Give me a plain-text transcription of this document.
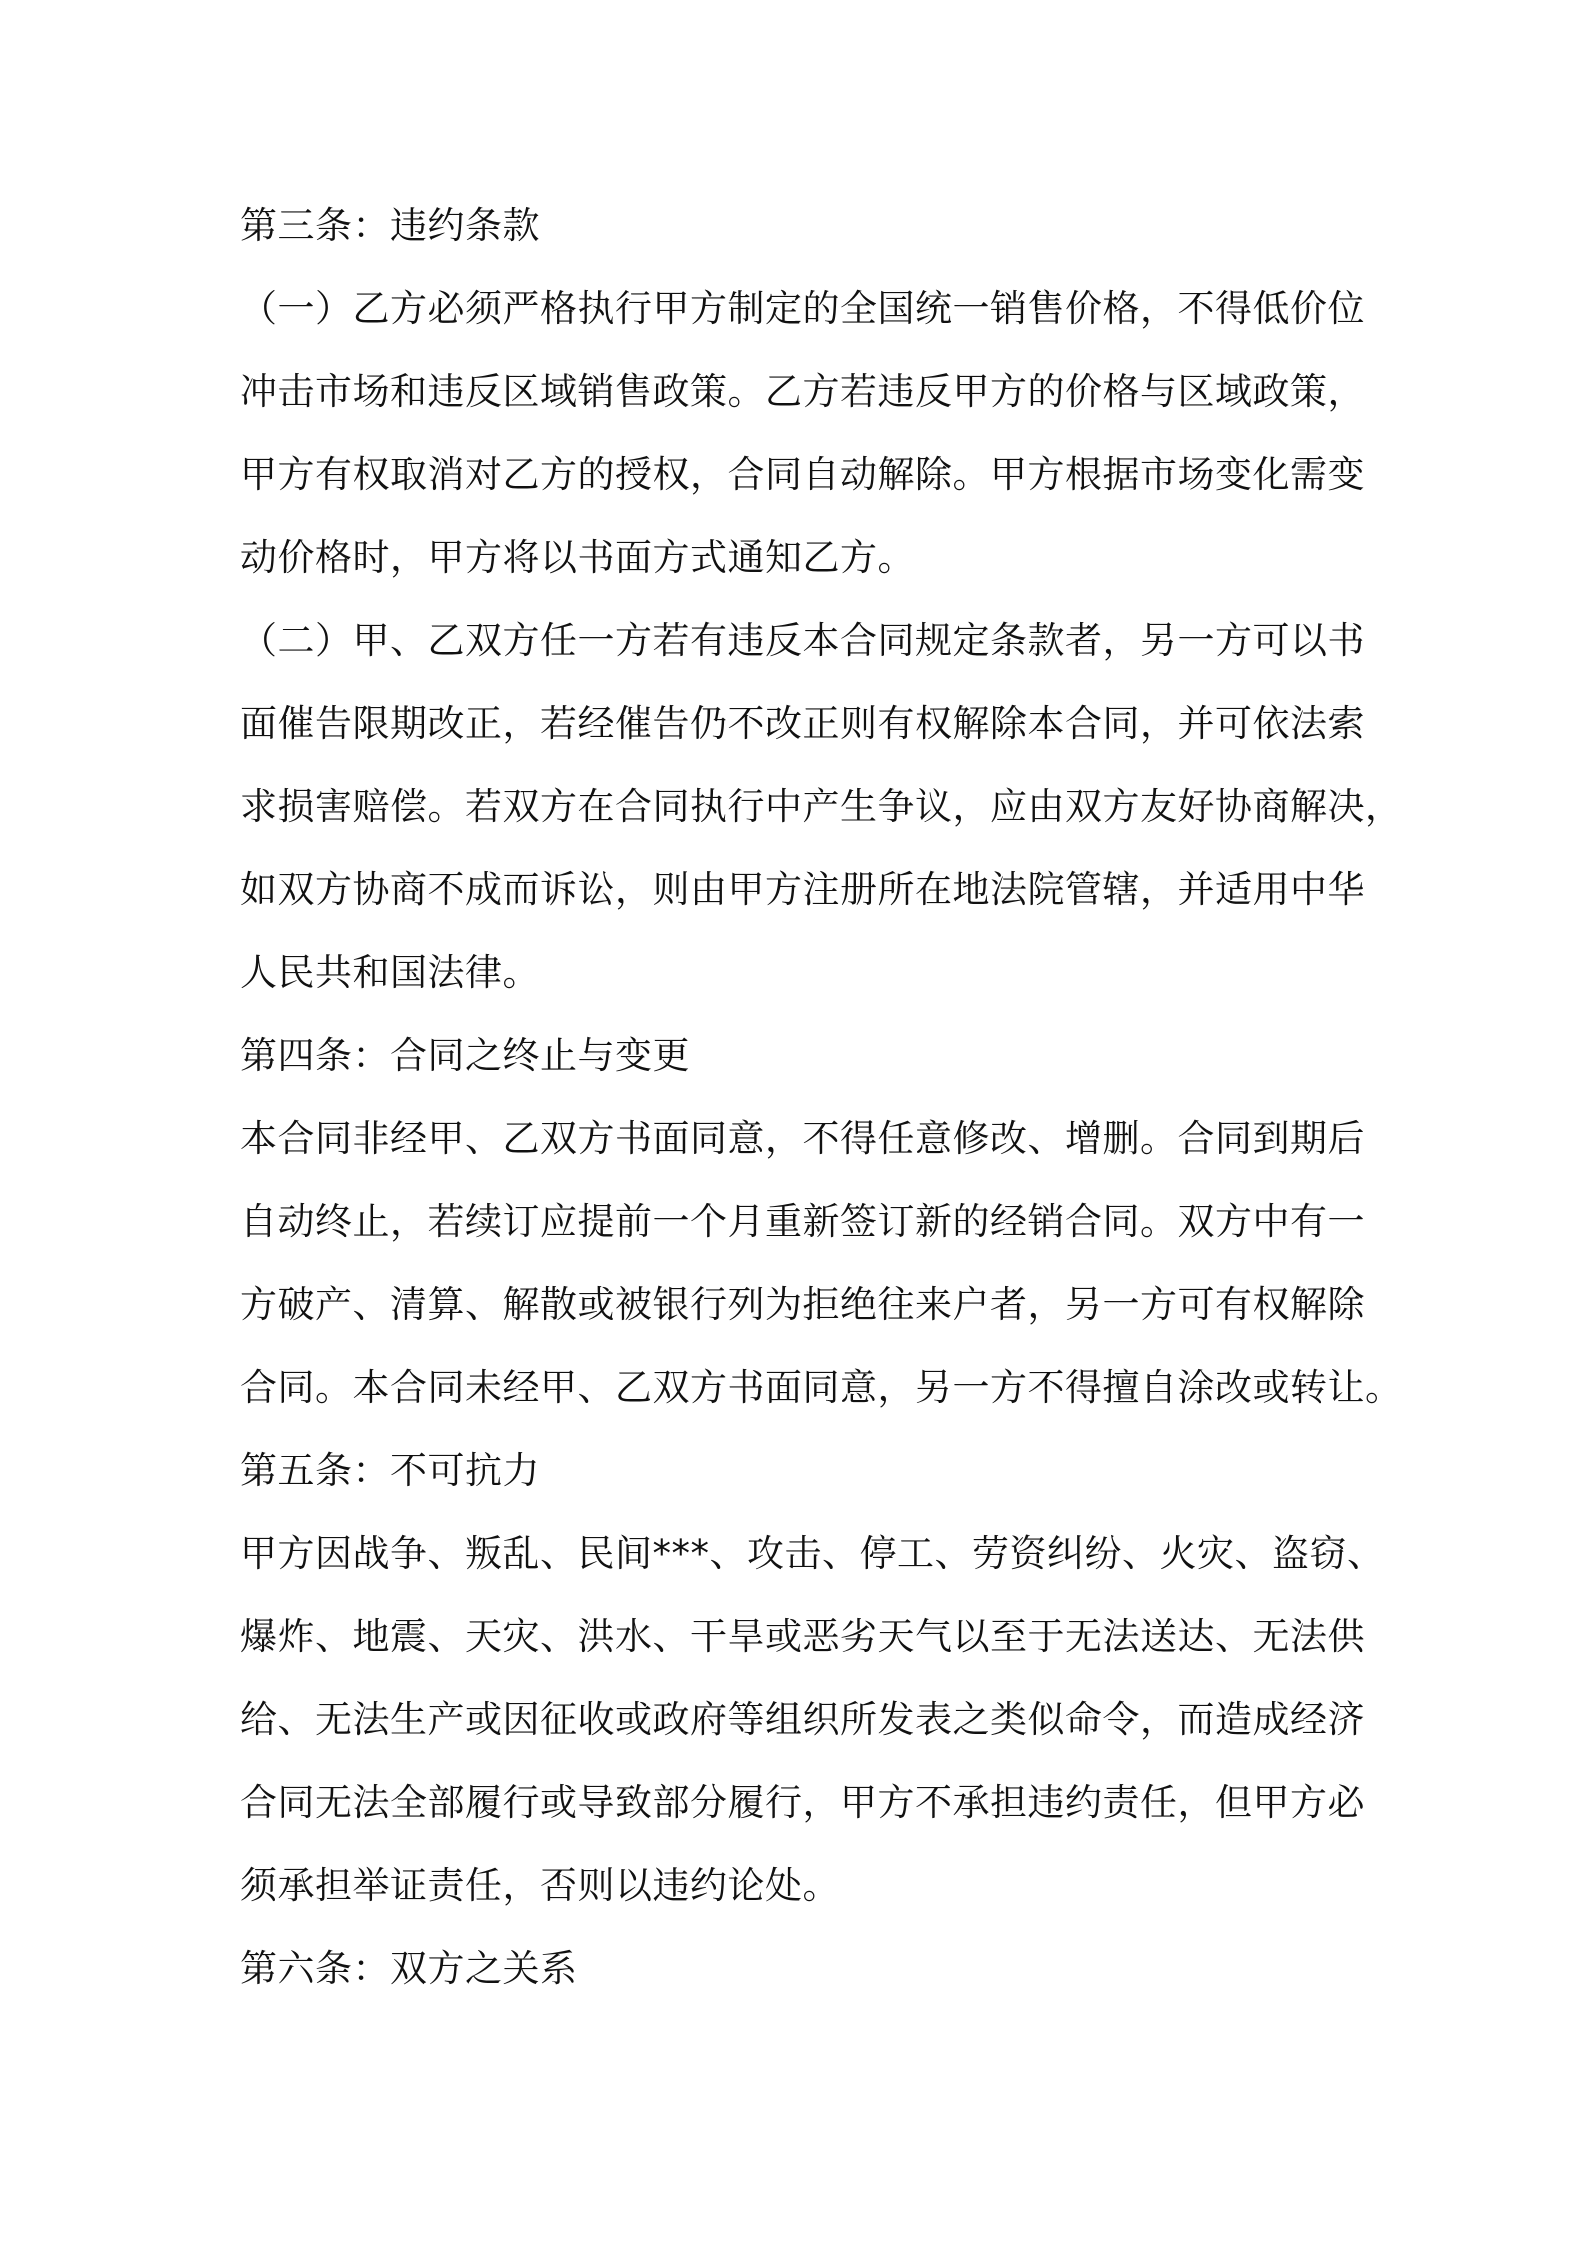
第三条：违约条款
（一）乙方必须严格执行甲方制定的全国统一销售价格，不得低价位
冲击市场和违反区域销售政策。乙方若违反甲方的价格与区域政策，
甲方有权取消对乙方的授权，合同自动解除。甲方根据市场变化需变
动价格时，甲方将以书面方式通知乙方。
（二）甲、乙双方任一方若有违反本合同规定条款者，另一方可以书
面催告限期改正，若经催告仍不改正则有权解除本合同，并可依法索
求损害赔偿。若双方在合同执行中产生争议，应由双方友好协商解决，
如双方协商不成而诉讼，则由甲方注册所在地法院管辖，并适用中华
人民共和国法律。
第四条：合同之终止与变更
本合同非经甲、乙双方书面同意，不得任意修改、增删。合同到期后
自动终止，若续订应提前一个月重新签订新的经销合同。双方中有一
方破产、清算、解散或被银行列为拒绝往来户者，另一方可有权解除
合同。本合同未经甲、乙双方书面同意，另一方不得擅自涂改或转让。
第五条：不可抗力
甲方因战争、叛乱、民间***、攻击、停工、劳资纠纷、火灾、盗窃、
爆炸、地震、天灾、洪水、干旱或恶劣天气以至于无法送达、无法供
给、无法生产或因征收或政府等组织所发表之类似命令，而造成经济
合同无法全部履行或导致部分履行，甲方不承担违约责任，但甲方必
须承担举证责任，否则以违约论处。
第六条：双方之关系
